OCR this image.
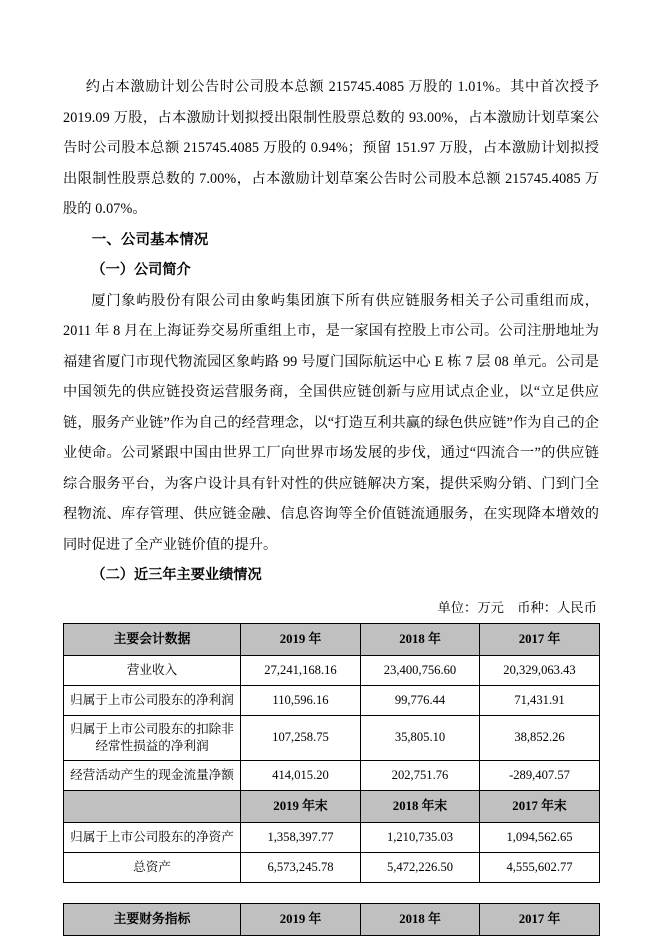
约占本激励计划公告时公司股本总额 215745.4085 万股的 1.01%。其中首次授予 2019.09 万股，占本激励计划拟授出限制性股票总数的 93.00%，占本激励计划草案公告时公司股本总额 215745.4085 万股的 0.94%；预留 151.97 万股，占本激励计划拟授出限制性股票总数的 7.00%，占本激励计划草案公告时公司股本总额 215745.4085 万股的 0.07%。

一、公司基本情况
（一）公司简介

厦门象屿股份有限公司由象屿集团旗下所有供应链服务相关子公司重组而成，2011 年 8 月在上海证券交易所重组上市，是一家国有控股上市公司。公司注册地址为福建省厦门市现代物流园区象屿路 99 号厦门国际航运中心 E 栋 7 层 08 单元。公司是中国领先的供应链投资运营服务商，全国供应链创新与应用试点企业，以“立足供应链，服务产业链”作为自己的经营理念，以“打造互利共赢的绿色供应链”作为自己的企业使命。公司紧跟中国由世界工厂向世界市场发展的步伐，通过“四流合一”的供应链综合服务平台，为客户设计具有针对性的供应链解决方案，提供采购分销、门到门全程物流、库存管理、供应链金融、信息咨询等全价值链流通服务，在实现降本增效的同时促进了全产业链价值的提升。

（二）近三年主要业绩情况
单位：万元　币种：人民币
主要会计数据	2019 年	2018 年	2017 年
营业收入	27,241,168.16	23,400,756.60	20,329,063.43
归属于上市公司股东的净利润	110,596.16	99,776.44	71,431.91
归属于上市公司股东的扣除非经常性损益的净利润	107,258.75	35,805.10	38,852.26
经营活动产生的现金流量净额	414,015.20	202,751.76	-289,407.57
	2019 年末	2018 年末	2017 年末
归属于上市公司股东的净资产	1,358,397.77	1,210,735.03	1,094,562.65
总资产	6,573,245.78	5,472,226.50	4,555,602.77
主要财务指标	2019 年	2018 年	2017 年
